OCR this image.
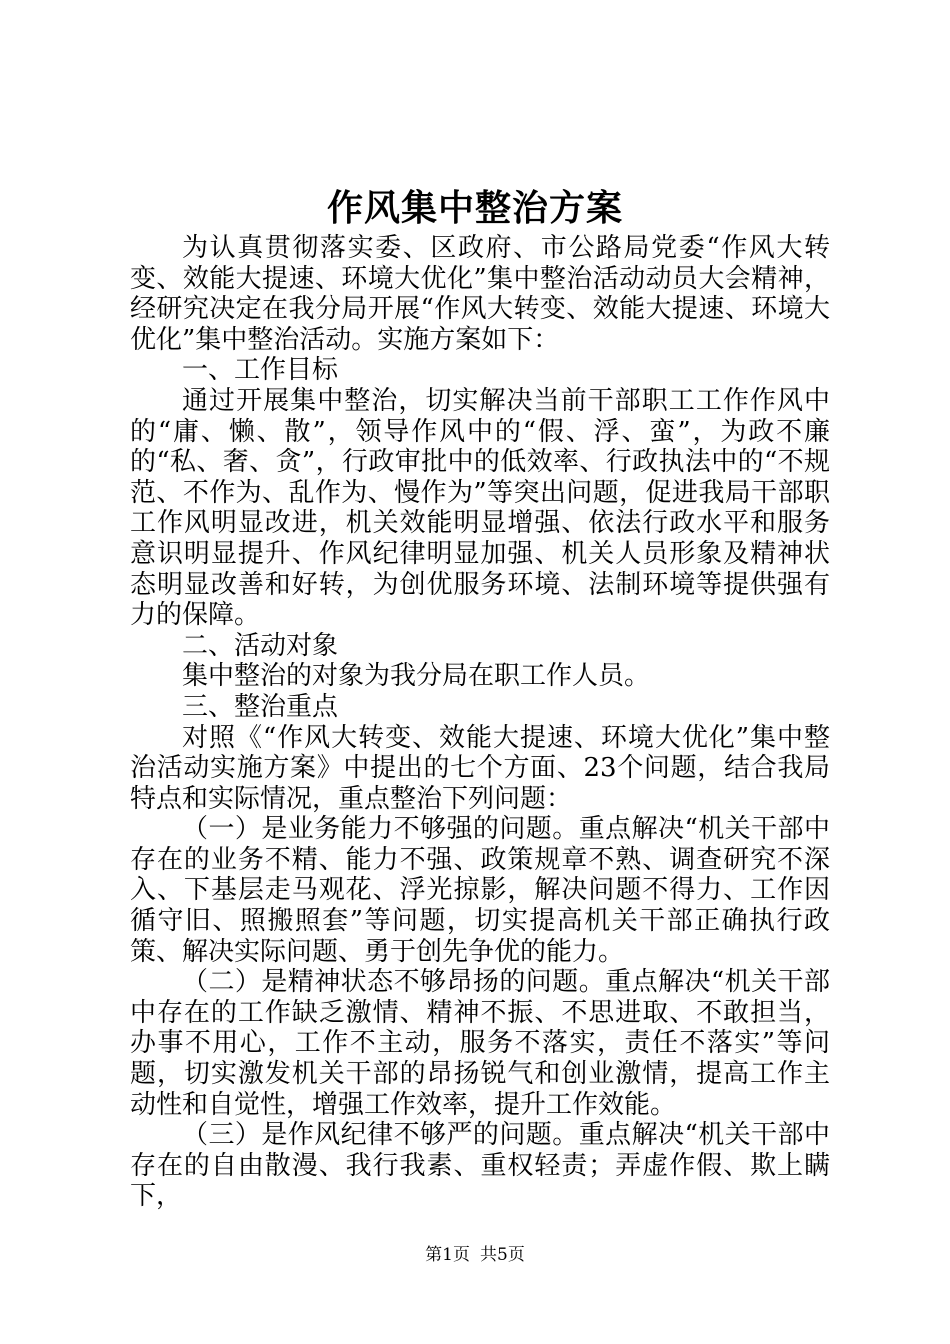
作风集中整治方案

为认真贯彻落实委、区政府、市公路局党委“作风大转变、效能大提速、环境大优化”集中整治活动动员大会精神，经研究决定在我分局开展“作风大转变、效能大提速、环境大优化”集中整治活动。实施方案如下：

一、工作目标

通过开展集中整治，切实解决当前干部职工工作作风中的“庸、懒、散”，领导作风中的“假、浮、蛮”，为政不廉的“私、奢、贪”，行政审批中的低效率、行政执法中的“不规范、不作为、乱作为、慢作为”等突出问题，促进我局干部职工作风明显改进，机关效能明显增强、依法行政水平和服务意识明显提升、作风纪律明显加强、机关人员形象及精神状态明显改善和好转，为创优服务环境、法制环境等提供强有力的保障。

二、活动对象

集中整治的对象为我分局在职工作人员。

三、整治重点

对照《“作风大转变、效能大提速、环境大优化”集中整治活动实施方案》中提出的七个方面、23个问题，结合我局特点和实际情况，重点整治下列问题：

（一）是业务能力不够强的问题。重点解决“机关干部中存在的业务不精、能力不强、政策规章不熟、调查研究不深入、下基层走马观花、浮光掠影，解决问题不得力、工作因循守旧、照搬照套”等问题，切实提高机关干部正确执行政策、解决实际问题、勇于创先争优的能力。

（二）是精神状态不够昂扬的问题。重点解决“机关干部中存在的工作缺乏激情、精神不振、不思进取、不敢担当，办事不用心，工作不主动，服务不落实，责任不落实”等问题，切实激发机关干部的昂扬锐气和创业激情，提高工作主动性和自觉性，增强工作效率，提升工作效能。

（三）是作风纪律不够严的问题。重点解决“机关干部中存在的自由散漫、我行我素、重权轻责；弄虚作假、欺上瞒下，

第1页 共5页
